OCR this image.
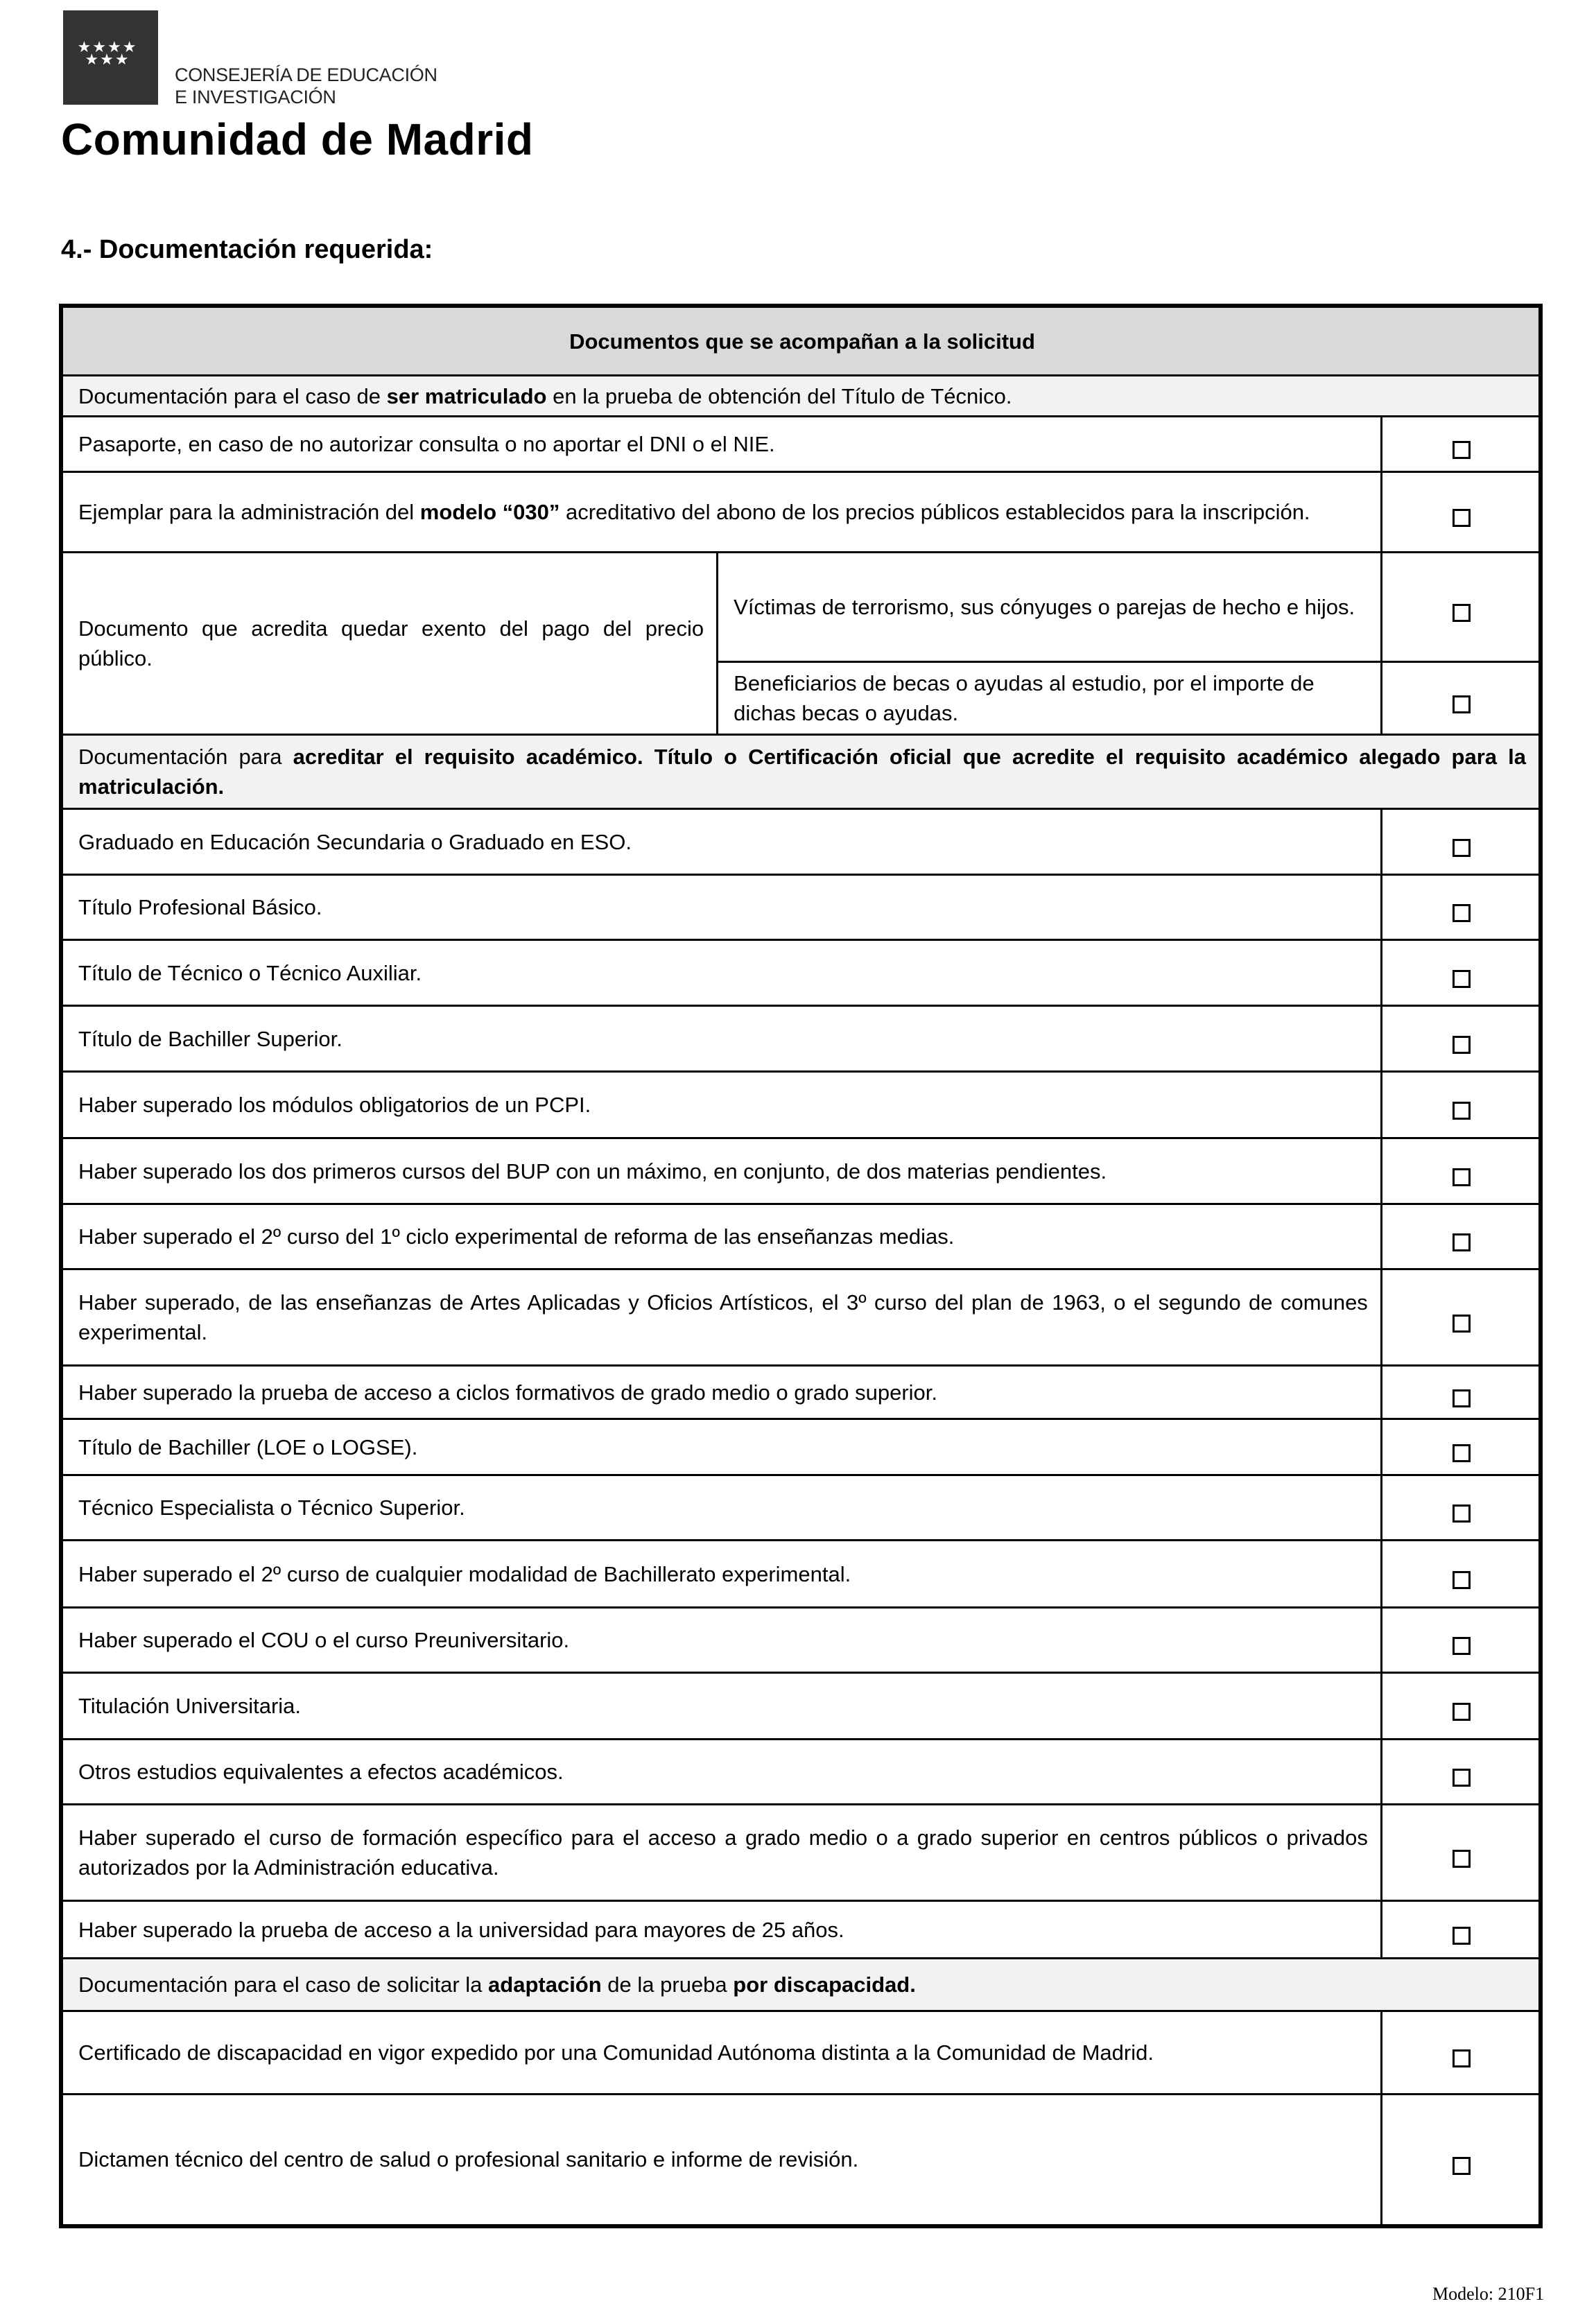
★★★★
★★★
CONSEJERÍA DE EDUCACIÓN
E INVESTIGACIÓN
Comunidad de Madrid
4.- Documentación requerida:
Documentos que se acompañan a la solicitud		
Documentación para el caso de ser matriculado en la prueba de obtención del Título de Técnico.		
Pasaporte, en caso de no autorizar consulta o no aportar el DNI o el NIE.		
Ejemplar para la administración del modelo “030” acreditativo del abono de los precios públicos establecidos para la inscripción.		
Documento que acredita quedar exento del pago del precio público.	Víctimas de terrorismo, sus cónyuges o parejas de hecho e hijos.	
	Beneficiarios de becas o ayudas al estudio, por el importe de dichas becas o ayudas.	
Documentación para acreditar el requisito académico. Título o Certificación oficial que acredite el requisito académico alegado para la matriculación.		
Graduado en Educación Secundaria o Graduado en ESO.		
Título Profesional Básico.		
Título de Técnico o Técnico Auxiliar.		
Título de Bachiller Superior.		
Haber superado los módulos obligatorios de un PCPI.		
Haber superado los dos primeros cursos del BUP con un máximo, en conjunto, de dos materias pendientes.		
Haber superado el 2º curso del 1º ciclo experimental de reforma de las enseñanzas medias.		
Haber superado, de las enseñanzas de Artes Aplicadas y Oficios Artísticos, el 3º curso del plan de 1963, o el segundo de comunes experimental.		
Haber superado la prueba de acceso a ciclos formativos de grado medio o grado superior.		
Título de Bachiller (LOE o LOGSE).		
Técnico Especialista o Técnico Superior.		
Haber superado el 2º curso de cualquier modalidad de Bachillerato experimental.		
Haber superado el COU o el curso Preuniversitario.		
Titulación Universitaria.		
Otros estudios equivalentes a efectos académicos.		
Haber superado el curso de formación específico para el acceso a grado medio o a grado superior en centros públicos o privados autorizados por la Administración educativa.		
Haber superado la prueba de acceso a la universidad para mayores de 25 años.		
Documentación para el caso de solicitar la adaptación de la prueba por discapacidad.		
Certificado de discapacidad en vigor expedido por una Comunidad Autónoma distinta a la Comunidad de Madrid.		
Dictamen técnico del centro de salud o profesional sanitario e informe de revisión.		
Modelo: 210F1
